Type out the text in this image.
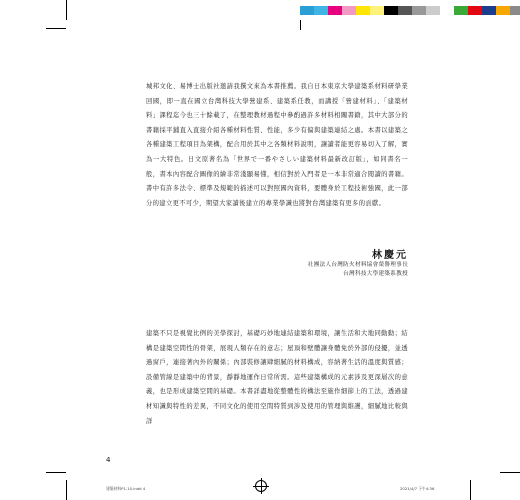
城邦文化、易博士出版社邀請我撰文來為本書推薦。我自日本東京大學建築系材料研學業回國，即一直在國立台灣科技大學營建系、建築系任教，而講授「營建材料」、「建築材料」課程迄今也三十餘載了，在整理教材過程中參酌過許多材料相關書籍，其中大部分的書籍採平鋪直入直接介紹各種材料性質、性能，多少有偏與建築連結之處。本書以建築之各種建築工程項目為架構，配合用於其中之各類材料說明，讓讀者能更容易切入了解，實為一大特色。日文原著名為「世界で一番やさしい建築材料最新改訂版」，如同書名一般，書本內容配合圖像的繪非常淺顯易懂，相信對於入門者是一本非常適合閱讀的書籍。書中有許多法令、標準及規範的描述可以對照國內資料，要體身於工程技術強國，此一部分的建立更不可少，期望大家讀後建立的專業學識也將對台灣建築有更多的貢獻。

林慶元
社團法人台灣防火材料協會榮譽理事長
台灣科技大學建築系教授

建築不只是視覺比例的美學探討，基礎巧妙地連結建築和環境，讓生活和大地同動動；結構是建築空間性的骨架，展現人類存在的意志；屋頂和壁體讓身體免於外部的侵擾，並透過窗戶，連接著內外的關係；內部裝修讓肆細腻的材料構成，容納著生活的溫度與質感；設備管線是建築中的背景，靜靜地運作日常所需。這些建築構成的元素涉及更深層次的意義，也是形成建築空間的基礎。本書詳盡地從整體性的構法至施作細節上的工法，透過建材知識與特性的差異，不同文化的使用空間特質到涉及使用的管理與維護，細膩地比較與詳

4
建築材料P1-10.indd 4	2021/4/7 下午4:36
